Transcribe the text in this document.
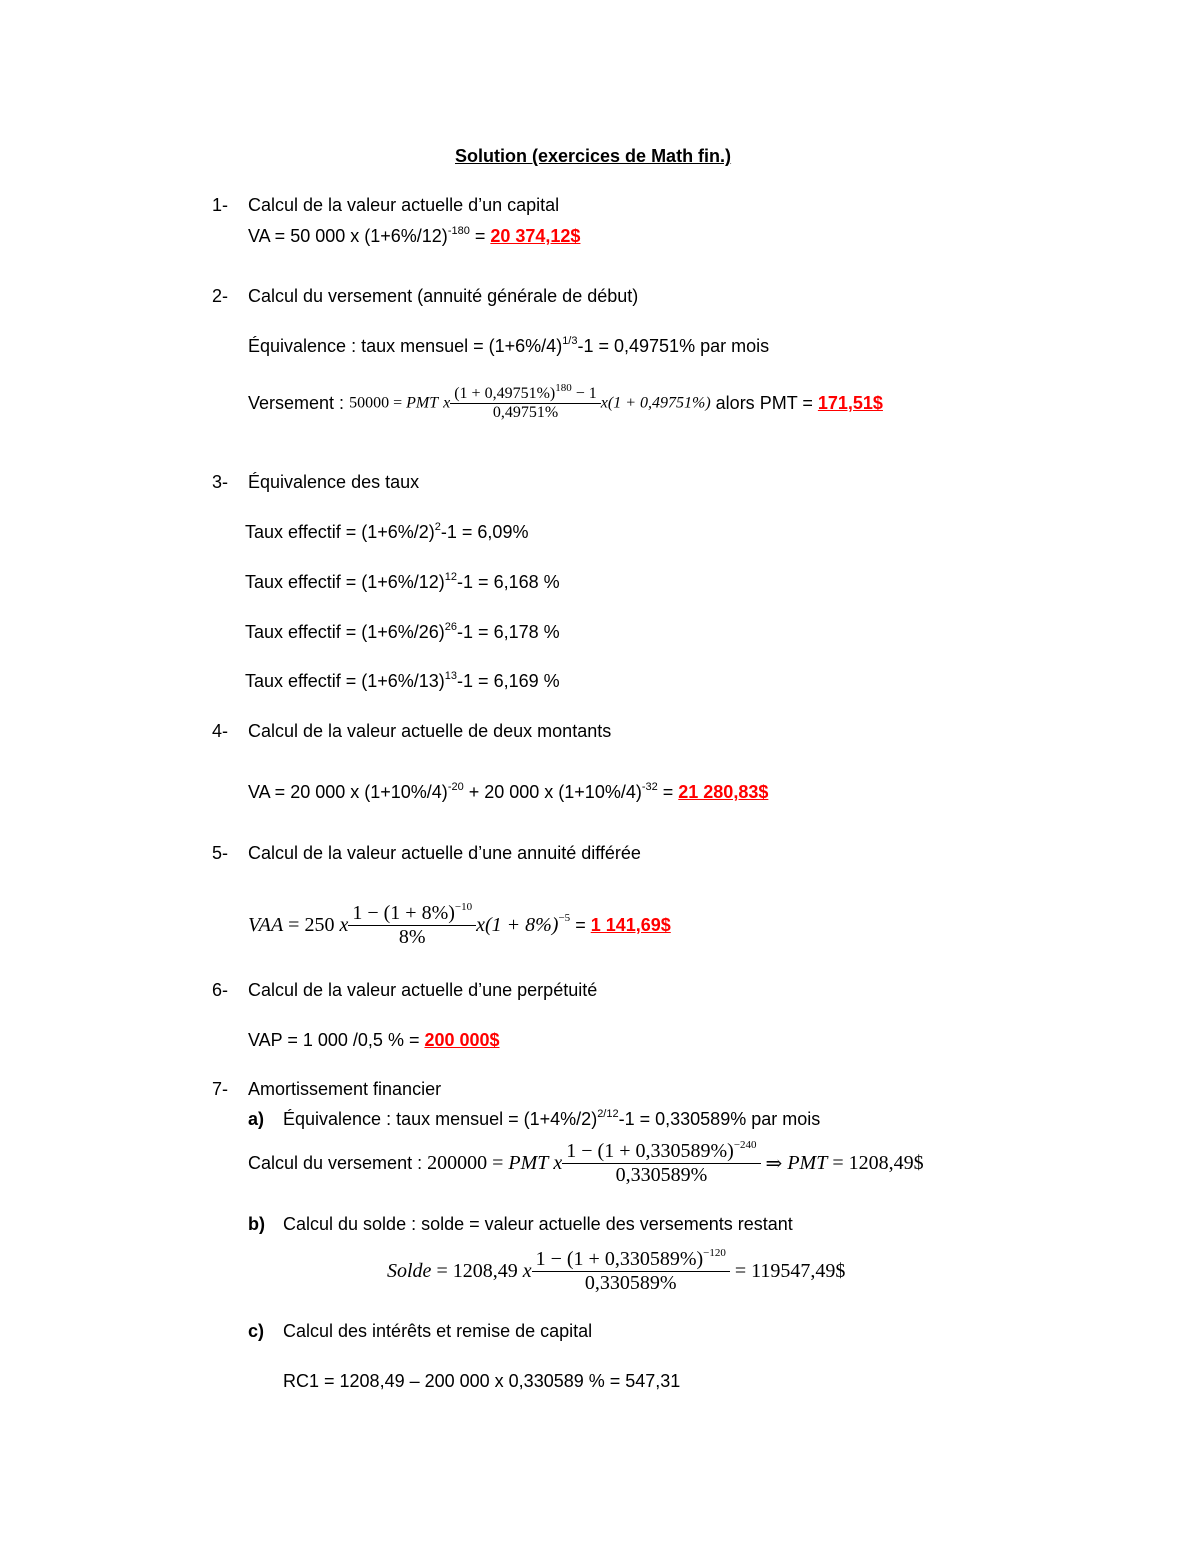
Solution (exercices de Math fin.)
1- Calcul de la valeur actuelle d’un capital
VA = 50 000 x $(1+6\%/12)^{-180} = 20$ 374,12$
2- Calcul du versement (annuité générale de début)
Équivalence : taux mensuel = $(1+6\%/4)^{1/3}-1 = 0,49751\%$ par mois
Versement : 50000 = PMT x $\frac{(1 + 0,49751\%)^{180} - 1}{0,49751\%} x(1 + 0,49751\%)$ alors PMT = 171,51$
3- Équivalence des taux
Taux effectif = $(1+6\%/2)^2-1 = 6,09\%$
Taux effectif = $(1+6\%/12)^{12}-1 = 6,168$ %
Taux effectif = $(1+6\%/26)^{26}-1 = 6,178$ %
Taux effectif = $(1+6\%/13)^{13}-1 = 6,169$ %
4- Calcul de la valeur actuelle de deux montants
VA = 20 000 x $(1+10\%/4)^{-20} + 20$ 000 x $(1+10\%/4)^{-32} = 21$ 280,83$
5- Calcul de la valeur actuelle d’une annuité différée
VAA = 250 x $\frac{1 - (1 + 8\%)^{-10}}{8\%} x(1 + 8\%)^{-5} = 1$ 141,69$
6- Calcul de la valeur actuelle d’une perpétuité
VAP = 1 000 /0,5 % = 200 000$
7- Amortissement financier
a) Équivalence : taux mensuel = $(1+4\%/2)^{2/12}-1 = 0,330589\%$ par mois
Calcul du versement : 200000 = PMT x $\frac{1 - (1 + 0,330589\%)^{-240}}{0,330589\%}$ ⇒ PMT = 1208,49$
b) Calcul du solde : solde = valeur actuelle des versements restant
Solde = 1208,49 x $\frac{1 - (1 + 0,330589\%)^{-120}}{0,330589\%}$ = 119547,49$
c) Calcul des intérêts et remise de capital
RC1 = 1208,49 – 200 000 x 0,330589 % = 547,31
